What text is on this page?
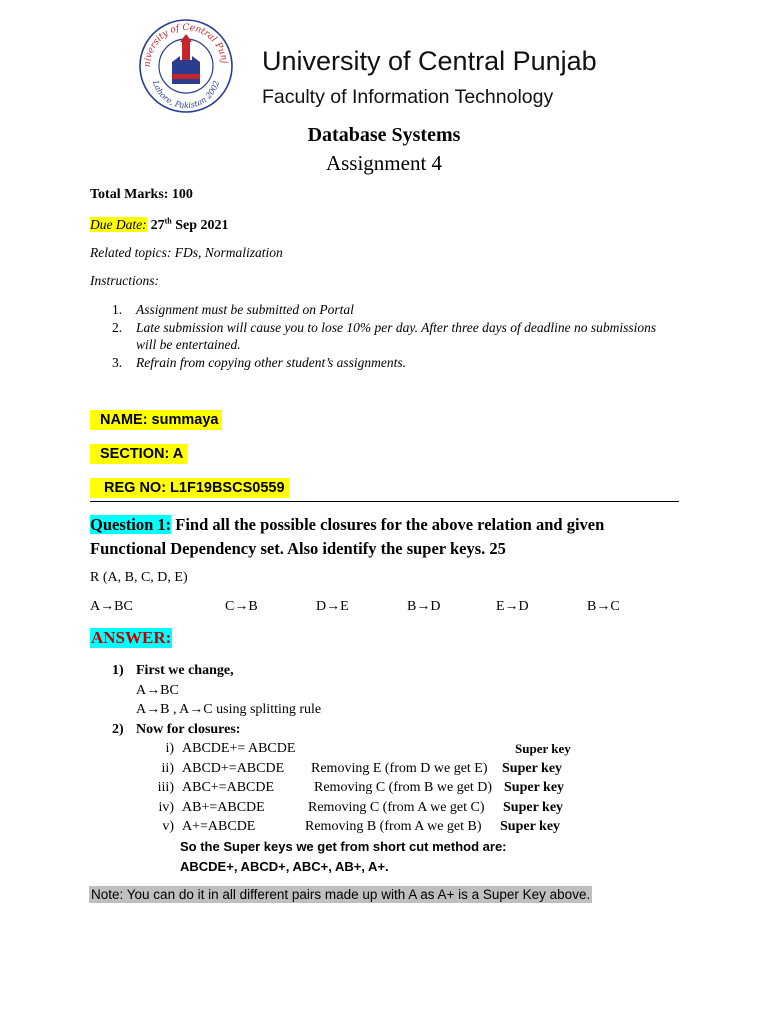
niversity of Central Punj
Lahore, Pakistan 2002
University of Central Punjab
Faculty of Information Technology
Database Systems
Assignment 4
Total Marks: 100
Due Date: 27th Sep 2021
Related topics: FDs, Normalization
Instructions:
1. Assignment must be submitted on Portal
2. Late submission will cause you to lose 10% per day. After three days of deadline no submissions
will be entertained.
3. Refrain from copying other student’s assignments.
NAME: summaya
SECTION: A
REG NO: L1F19BSCS0559
Question 1: Find all the possible closures for the above relation and given
Functional Dependency set. Also identify the super keys. 25
R (A, B, C, D, E)
A→BC	C→B	D→E	B→D	E→D	B→C
ANSWER:
1) First we change,
A→BC
A→B , A→C using splitting rule
2) Now for closures:
i) ABCDE+= ABCDE	Super key
ii) ABCD+=ABCDE Removing E (from D we get E) Super key
iii) ABC+=ABCDE	Removing C (from B we get D) Super key
iv) AB+=ABCDE	Removing C (from A we get C) Super key
v) A+=ABCDE	Removing B (from A we get B) Super key
So the Super keys we get from short cut method are:
ABCDE+, ABCD+, ABC+, AB+, A+.
Note: You can do it in all different pairs made up with A as A+ is a Super Key above.
